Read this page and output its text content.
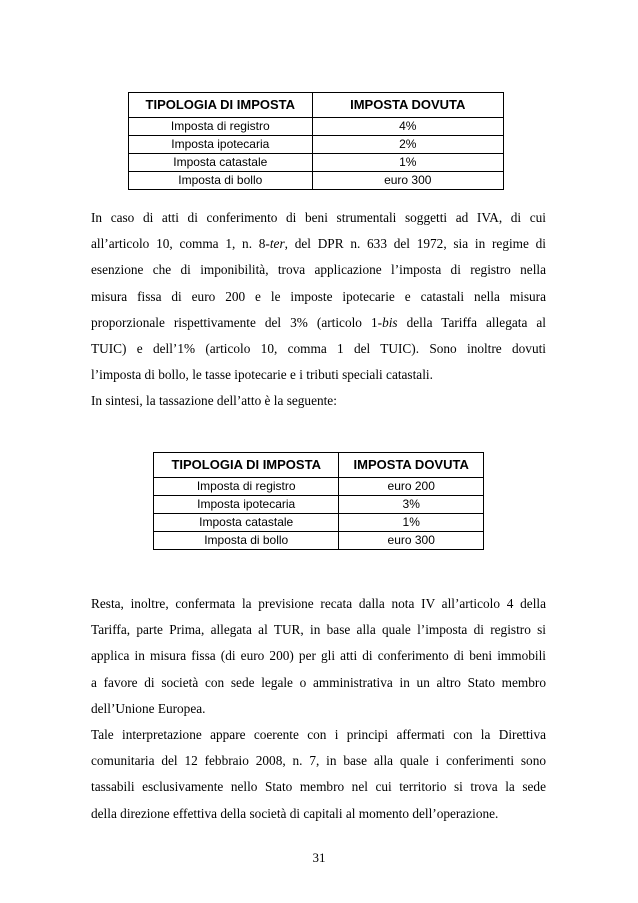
TIPOLOGIA DI IMPOSTA	IMPOSTA DOVUTA
Imposta di registro	4%
Imposta ipotecaria	2%
Imposta catastale	1%
Imposta di bollo	euro 300
In caso di atti di conferimento di beni strumentali soggetti ad IVA, di cui
all’articolo 10, comma 1, n. 8-ter, del DPR n. 633 del 1972, sia in regime di
esenzione che di imponibilità, trova applicazione l’imposta di registro nella
misura fissa di euro 200 e le imposte ipotecarie e catastali nella misura
proporzionale rispettivamente del 3% (articolo 1-bis della Tariffa allegata al
TUIC) e dell’1% (articolo 10, comma 1 del TUIC). Sono inoltre dovuti
l’imposta di bollo, le tasse ipotecarie e i tributi speciali catastali.
In sintesi, la tassazione dell’atto è la seguente:
TIPOLOGIA DI IMPOSTA	IMPOSTA DOVUTA
Imposta di registro	euro 200
Imposta ipotecaria	3%
Imposta catastale	1%
Imposta di bollo	euro 300
Resta, inoltre, confermata la previsione recata dalla nota IV all’articolo 4 della
Tariffa, parte Prima, allegata al TUR, in base alla quale l’imposta di registro si
applica in misura fissa (di euro 200) per gli atti di conferimento di beni immobili
a favore di società con sede legale o amministrativa in un altro Stato membro
dell’Unione Europea.
Tale interpretazione appare coerente con i principi affermati con la Direttiva
comunitaria del 12 febbraio 2008, n. 7, in base alla quale i conferimenti sono
tassabili esclusivamente nello Stato membro nel cui territorio si trova la sede
della direzione effettiva della società di capitali al momento dell’operazione.
31
